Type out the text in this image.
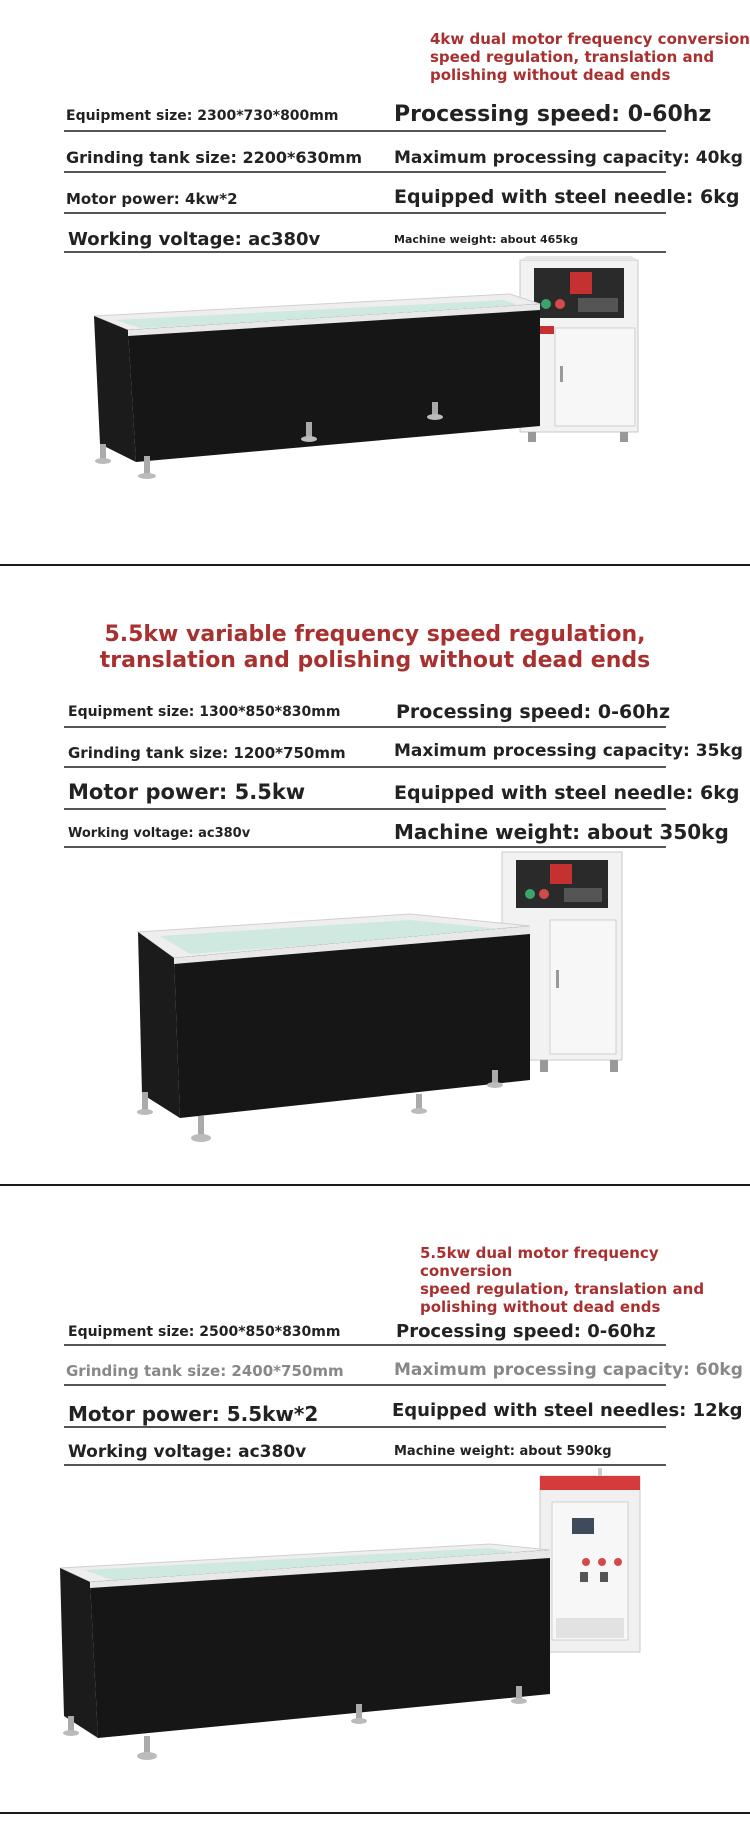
4kw dual motor frequency conversion
speed regulation, translation and
polishing without dead ends
Equipment size: 2300*730*800mm	Processing speed: 0-60hz
Grinding tank size: 2200*630mm Maximum processing capacity: 40kg
Motor power: 4kw*2	Equipped with steel needle: 6kg
Working voltage: ac380v	Machine weight: about 465kg
5.5kw variable frequency speed regulation,
translation and polishing without dead ends
Equipment size: 1300*850*830mm	Processing speed: 0-60hz
Grinding tank size: 1200*750mm	Maximum processing capacity: 35kg
Motor power: 5.5kw	Equipped with steel needle: 6kg
Working voltage: ac380v	Machine weight: about 350kg
5.5kw dual motor frequency conversion
speed regulation, translation and
polishing without dead ends
Equipment size: 2500*850*830mm	Processing speed: 0-60hz
Grinding tank size: 2400*750mm	Maximum processing capacity: 60kg
Motor power: 5.5kw*2	Equipped with steel needles: 12kg
Working voltage: ac380v	Machine weight: about 590kg
